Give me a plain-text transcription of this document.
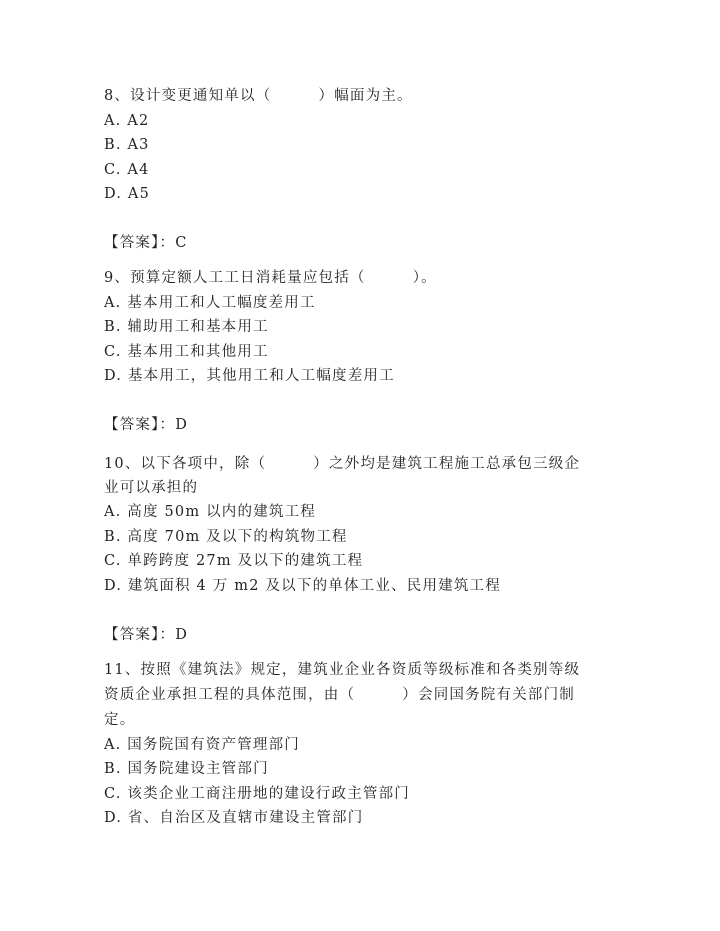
8、设计变更通知单以（　　　）幅面为主。
A. A2
B. A3
C. A4
D. A5
【答案】：C
9、预算定额人工工日消耗量应包括（　　　）。
A. 基本用工和人工幅度差用工
B. 辅助用工和基本用工
C. 基本用工和其他用工
D. 基本用工，其他用工和人工幅度差用工
【答案】：D
10、以下各项中，除（　　　）之外均是建筑工程施工总承包三级企
业可以承担的
A. 高度 50m 以内的建筑工程
B. 高度 70m 及以下的构筑物工程
C. 单跨跨度 27m 及以下的建筑工程
D. 建筑面积 4 万 m2 及以下的单体工业、民用建筑工程
【答案】：D
11、按照《建筑法》规定，建筑业企业各资质等级标准和各类别等级
资质企业承担工程的具体范围，由（　　　）会同国务院有关部门制
定。
A. 国务院国有资产管理部门
B. 国务院建设主管部门
C. 该类企业工商注册地的建设行政主管部门
D. 省、自治区及直辖市建设主管部门
